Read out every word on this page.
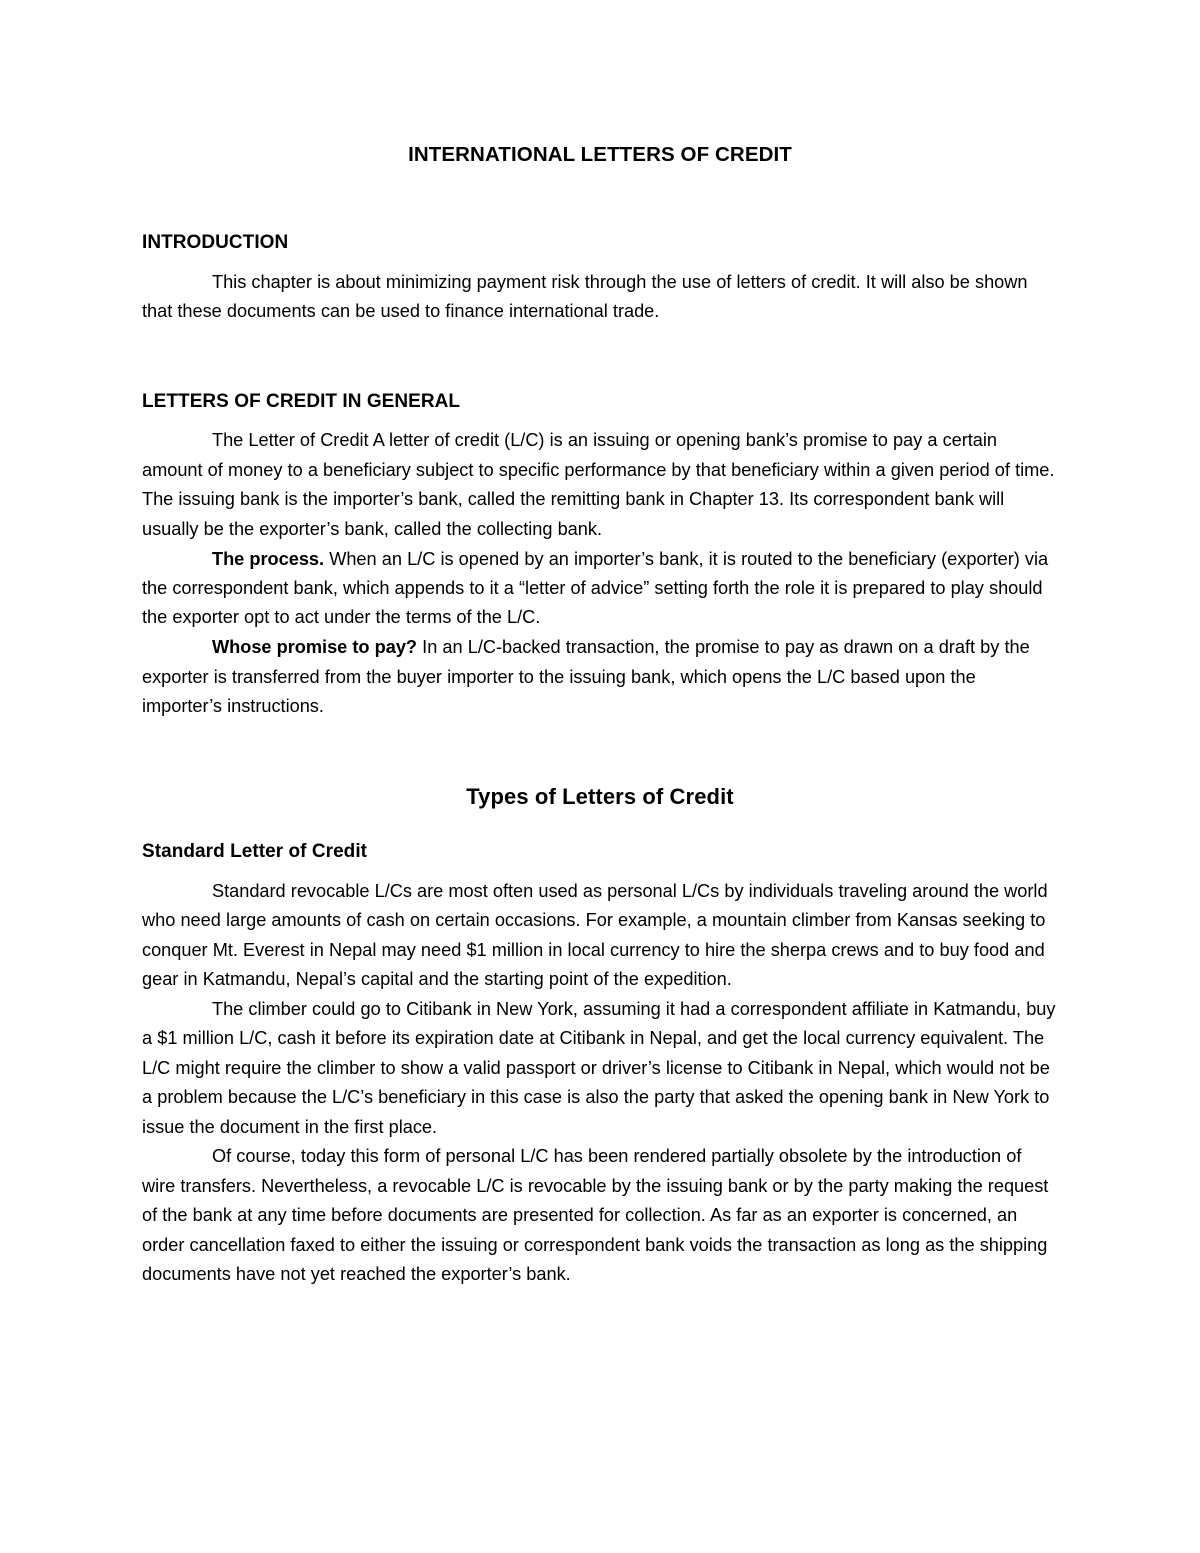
INTERNATIONAL LETTERS OF CREDIT
INTRODUCTION

This chapter is about minimizing payment risk through the use of letters of credit. It will also be shown that these documents can be used to finance international trade.

LETTERS OF CREDIT IN GENERAL

The Letter of Credit A letter of credit (L/C) is an issuing or opening bank’s promise to pay a certain amount of money to a beneficiary subject to specific performance by that beneficiary within a given period of time. The issuing bank is the importer’s bank, called the remitting bank in Chapter 13. Its correspondent bank will usually be the exporter’s bank, called the collecting bank.

The process. When an L/C is opened by an importer’s bank, it is routed to the beneficiary (exporter) via the correspondent bank, which appends to it a “letter of advice” setting forth the role it is prepared to play should the exporter opt to act under the terms of the L/C.

Whose promise to pay? In an L/C-backed transaction, the promise to pay as drawn on a draft by the exporter is transferred from the buyer importer to the issuing bank, which opens the L/C based upon the importer’s instructions.

Types of Letters of Credit
Standard Letter of Credit

Standard revocable L/Cs are most often used as personal L/Cs by individuals traveling around the world who need large amounts of cash on certain occasions. For example, a mountain climber from Kansas seeking to conquer Mt. Everest in Nepal may need $1 million in local currency to hire the sherpa crews and to buy food and gear in Katmandu, Nepal’s capital and the starting point of the expedition.

The climber could go to Citibank in New York, assuming it had a correspondent affiliate in Katmandu, buy a $1 million L/C, cash it before its expiration date at Citibank in Nepal, and get the local currency equivalent. The L/C might require the climber to show a valid passport or driver’s license to Citibank in Nepal, which would not be a problem because the L/C’s beneficiary in this case is also the party that asked the opening bank in New York to issue the document in the first place.

Of course, today this form of personal L/C has been rendered partially obsolete by the introduction of wire transfers. Nevertheless, a revocable L/C is revocable by the issuing bank or by the party making the request of the bank at any time before documents are presented for collection. As far as an exporter is concerned, an order cancellation faxed to either the issuing or correspondent bank voids the transaction as long as the shipping documents have not yet reached the exporter’s bank.
